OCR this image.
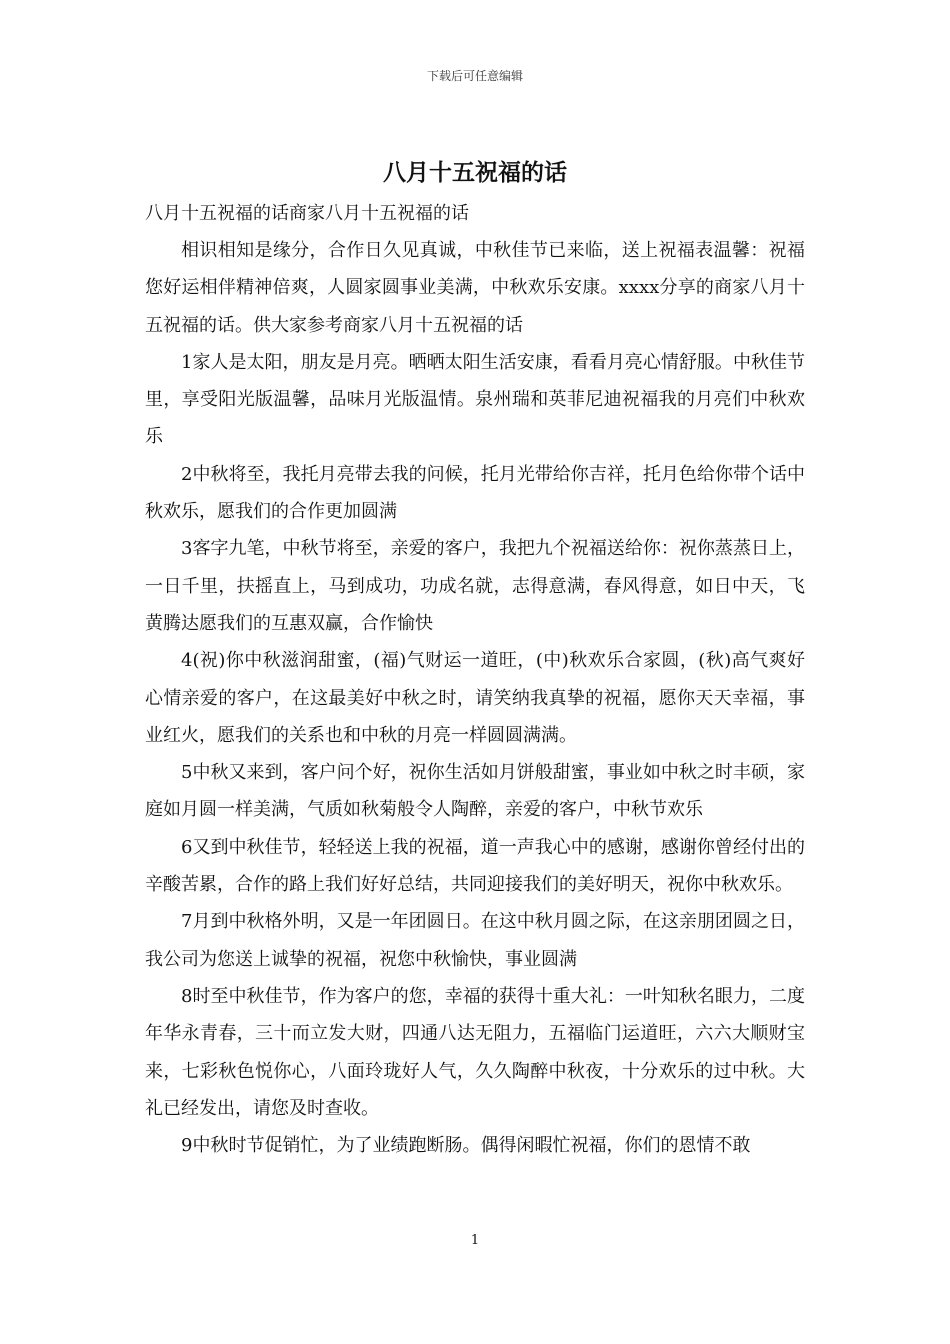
下载后可任意编辑
八月十五祝福的话

八月十五祝福的话商家八月十五祝福的话

相识相知是缘分，合作日久见真诚，中秋佳节已来临，送上祝福表温馨：祝福您好运相伴精神倍爽，人圆家圆事业美满，中秋欢乐安康。xxxx分享的商家八月十五祝福的话。供大家参考商家八月十五祝福的话

1家人是太阳，朋友是月亮。晒晒太阳生活安康，看看月亮心情舒服。中秋佳节里，享受阳光版温馨，品味月光版温情。泉州瑞和英菲尼迪祝福我的月亮们中秋欢乐

2中秋将至，我托月亮带去我的问候，托月光带给你吉祥，托月色给你带个话中秋欢乐，愿我们的合作更加圆满

3客字九笔，中秋节将至，亲爱的客户，我把九个祝福送给你：祝你蒸蒸日上，一日千里，扶摇直上，马到成功，功成名就，志得意满，春风得意，如日中天，飞黄腾达愿我们的互惠双赢，合作愉快

4(祝)你中秋滋润甜蜜，(福)气财运一道旺，(中)秋欢乐合家圆，(秋)高气爽好心情亲爱的客户，在这最美好中秋之时，请笑纳我真挚的祝福，愿你天天幸福，事业红火，愿我们的关系也和中秋的月亮一样圆圆满满。

5中秋又来到，客户问个好，祝你生活如月饼般甜蜜，事业如中秋之时丰硕，家庭如月圆一样美满，气质如秋菊般令人陶醉，亲爱的客户，中秋节欢乐

6又到中秋佳节，轻轻送上我的祝福，道一声我心中的感谢，感谢你曾经付出的辛酸苦累，合作的路上我们好好总结，共同迎接我们的美好明天，祝你中秋欢乐。

7月到中秋格外明，又是一年团圆日。在这中秋月圆之际，在这亲朋团圆之日，我公司为您送上诚挚的祝福，祝您中秋愉快，事业圆满

8时至中秋佳节，作为客户的您，幸福的获得十重大礼：一叶知秋名眼力，二度年华永青春，三十而立发大财，四通八达无阻力，五福临门运道旺，六六大顺财宝来，七彩秋色悦你心，八面玲珑好人气，久久陶醉中秋夜，十分欢乐的过中秋。大礼已经发出，请您及时查收。

9中秋时节促销忙，为了业绩跑断肠。偶得闲暇忙祝福，你们的恩情不敢

1
